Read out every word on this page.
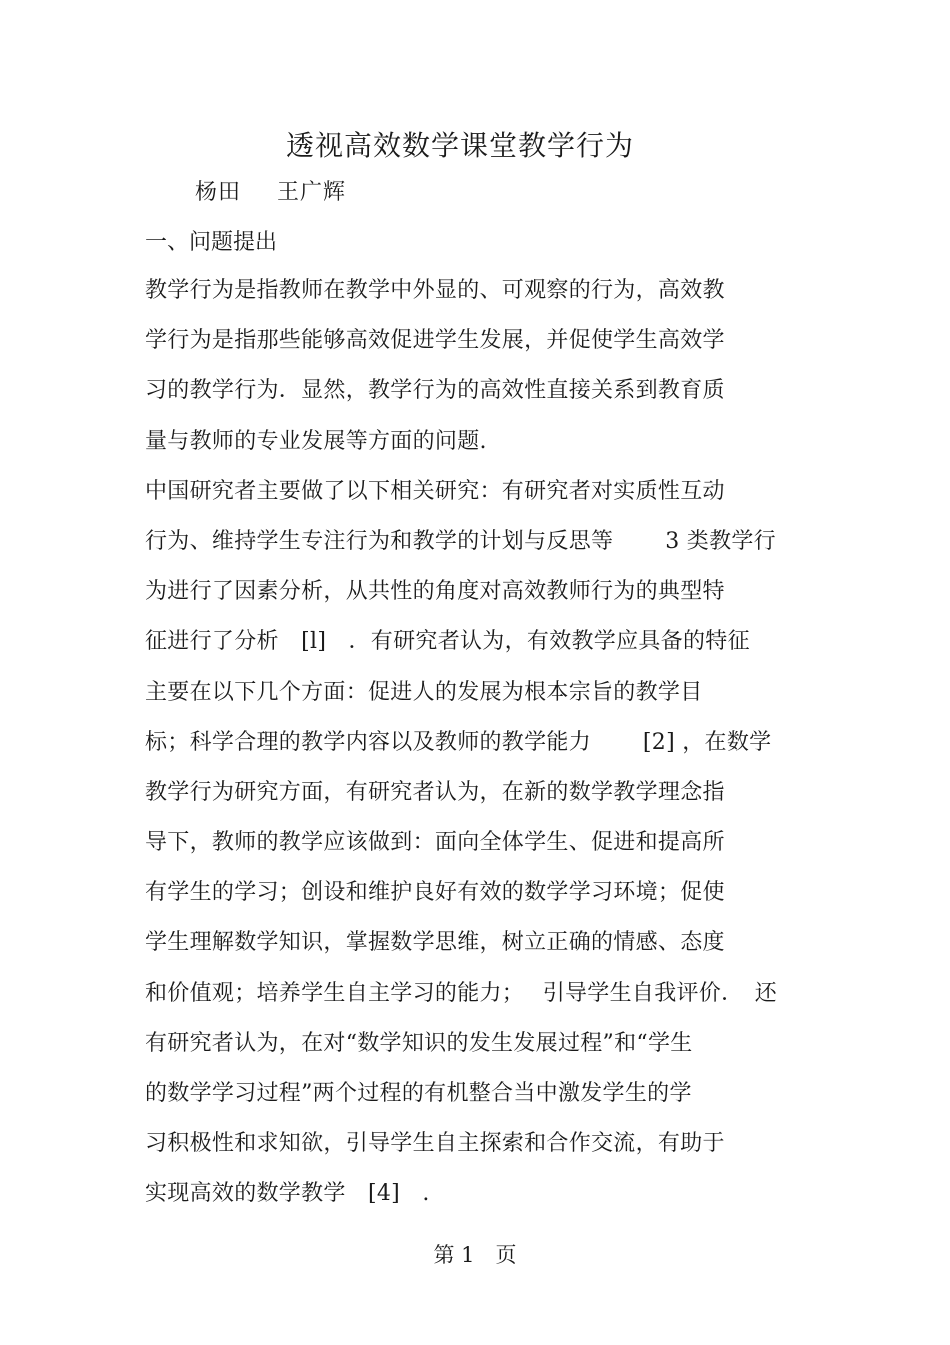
透视高效数学课堂教学行为
杨田 王广辉
一、问题提出
教学行为是指教师在教学中外显的、可观察的行为，高效教
学行为是指那些能够高效促进学生发展，并促使学生高效学
习的教学行为．显然，教学行为的高效性直接关系到教育质
量与教师的专业发展等方面的问题.
中国研究者主要做了以下相关研究：有研究者对实质性互动
行为、维持学生专注行为和教学的计划与反思等　　 3 类教学行
为进行了因素分析，从共性的角度对高效教师行为的典型特
征进行了分析　[l]　．有研究者认为，有效教学应具备的特征
主要在以下几个方面：促进人的发展为根本宗旨的教学目
标；科学合理的教学内容以及教师的教学能力　　 [2] ，在数学
教学行为研究方面，有研究者认为，在新的数学教学理念指
导下，教师的教学应该做到：面向全体学生、促进和提高所
有学生的学习；创设和维护良好有效的数学学习环境；促使
学生理解数学知识，掌握数学思维，树立正确的情感、态度
和价值观；培养学生自主学习的能力；　 引导学生自我评价．　还
有研究者认为，在对“数学知识的发生发展过程”和“学生
的数学学习过程”两个过程的有机整合当中激发学生的学
习积极性和求知欲，引导学生自主探索和合作交流，有助于
实现高效的数学教学　[4]　.
第 1　页
